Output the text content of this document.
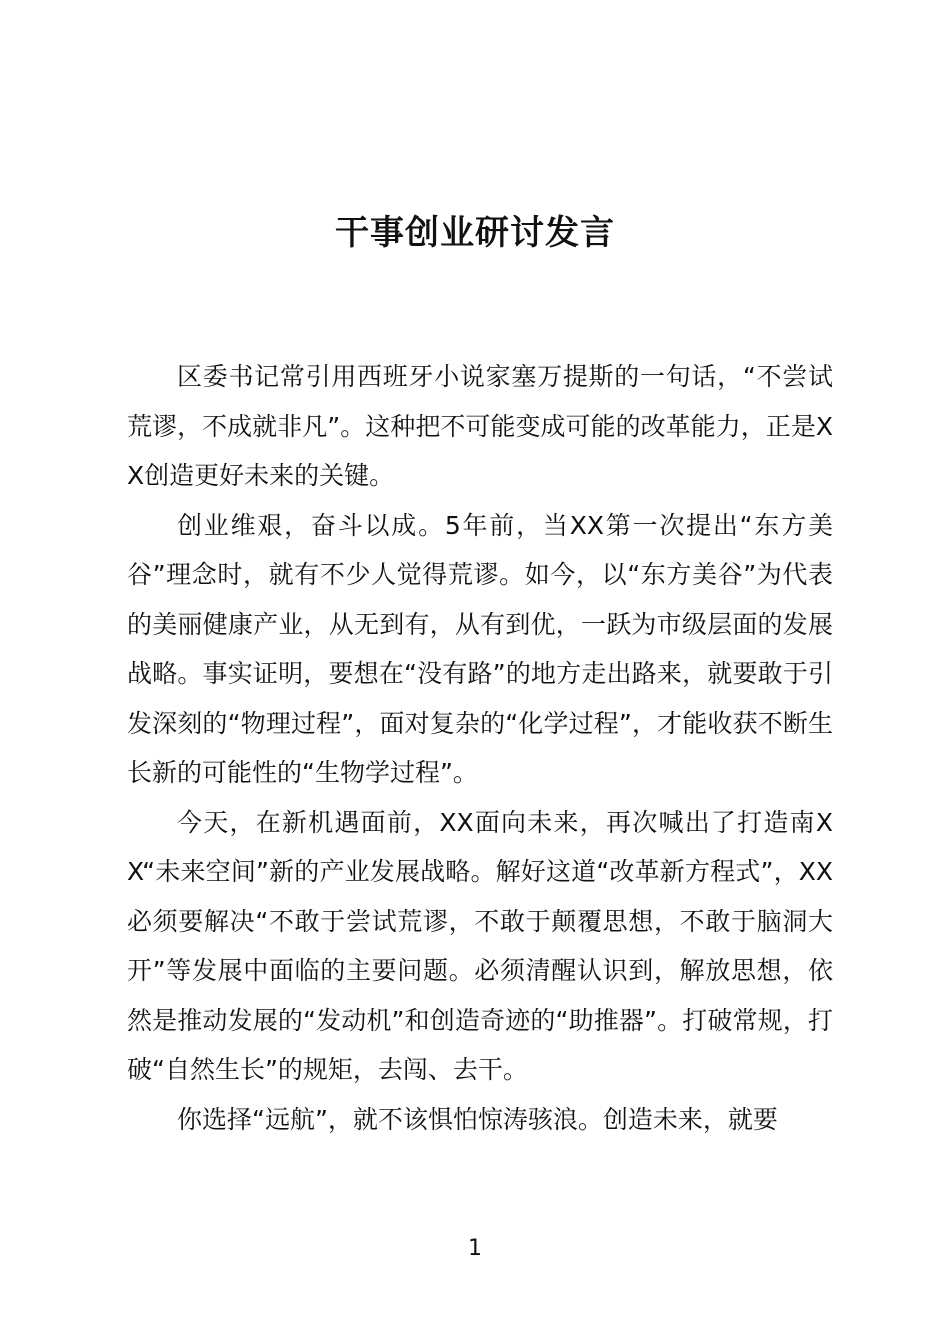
干事创业研讨发言

区委书记常引用西班牙小说家塞万提斯的一句话，“不尝试荒谬，不成就非凡”。这种把不可能变成可能的改革能力，正是XX创造更好未来的关键。

创业维艰，奋斗以成。5年前，当XX第一次提出“东方美谷”理念时，就有不少人觉得荒谬。如今，以“东方美谷”为代表的美丽健康产业，从无到有，从有到优，一跃为市级层面的发展战略。事实证明，要想在“没有路”的地方走出路来，就要敢于引发深刻的“物理过程”，面对复杂的“化学过程”，才能收获不断生长新的可能性的“生物学过程”。

今天，在新机遇面前，XX面向未来，再次喊出了打造南XX“未来空间”新的产业发展战略。解好这道“改革新方程式”，XX必须要解决“不敢于尝试荒谬，不敢于颠覆思想，不敢于脑洞大开”等发展中面临的主要问题。必须清醒认识到，解放思想，依然是推动发展的“发动机”和创造奇迹的“助推器”。打破常规，打破“自然生长”的规矩，去闯、去干。

你选择“远航”，就不该惧怕惊涛骇浪。创造未来，就要

1
